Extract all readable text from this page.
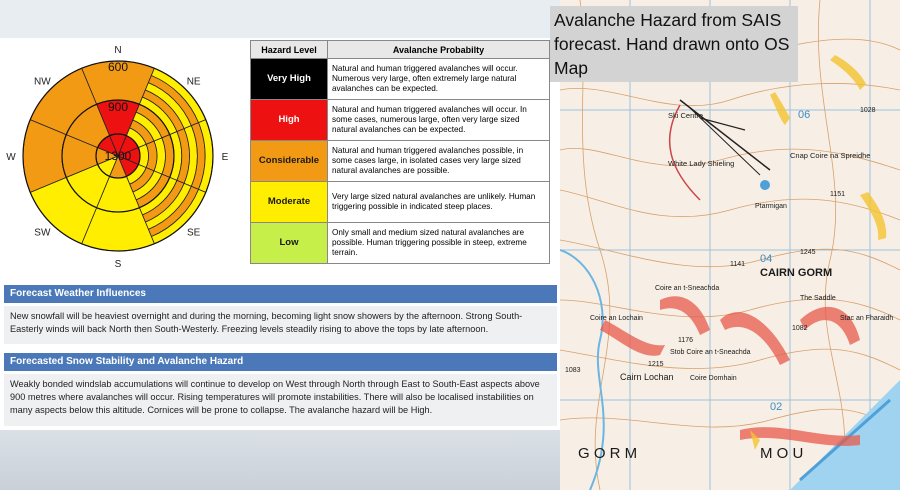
600
900
1300
N
NE
E
SE
S
SW
W
NW
Hazard Level	Avalanche Probabilty
Very High	Natural and human triggered avalanches will occur. Numerous very large, often extremely large natural avalanches can be expected.
High	Natural and human triggered avalanches will occur. In some cases, numerous large, often very large sized natural avalanches can be expected.
Considerable	Natural and human triggered avalanches possible, in some cases large, in isolated cases very large sized natural avalanches are possible.
Moderate	Very large sized natural avalanches are unlikely. Human triggering possible in indicated steep places.
Low	Only small and medium sized natural avalanches are possible. Human triggering possible in steep, extreme terrain.
Forecast Weather Influences
New snowfall will be heaviest overnight and during the morning, becoming light snow showers by the afternoon. Strong South-Easterly winds will back North then South-Westerly. Freezing levels steadily rising to above the tops by late afternoon.
Forecasted Snow Stability and Avalanche Hazard
Weakly bonded windslab accumulations will continue to develop on West through North through East to South-East aspects above 900 metres where avalanches will occur. Rising temperatures will promote instabilities. There will also be localised instabilities on many aspects below this altitude. Cornices will be prone to collapse. The avalanche hazard will be High.
Ski Centre
White Lady Shieling
Cnap Coire na Spreidhe
CAIRN GORM
Coire an t-Sneachda
Coire an Lochain
Cairn Lochan
Stob Coire an t-Sneachda
Coire Domhain
The Saddle
Stac an Fharaidh
Ptarmigan
G O R M	M O U
1028
1151
1245
1141
1082
1215
1176
1083
06
04
02
Avalanche Hazard from SAIS forecast. Hand drawn onto OS Map
